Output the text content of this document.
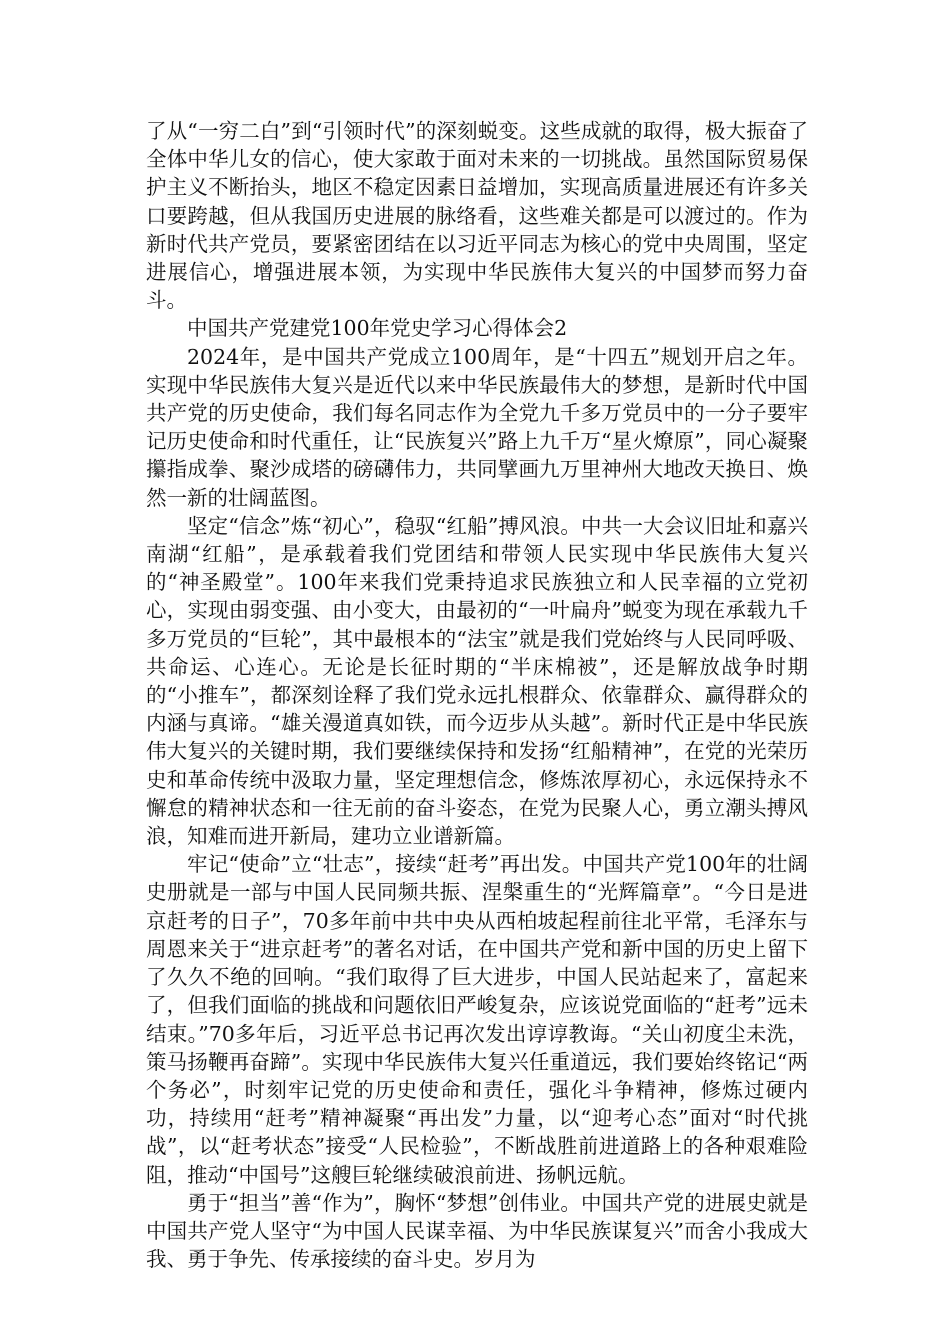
了从“一穷二白”到“引领时代”的深刻蜕变。这些成就的取得，极大振奋了全体中华儿女的信心，使大家敢于面对未来的一切挑战。虽然国际贸易保护主义不断抬头，地区不稳定因素日益增加，实现高质量进展还有许多关口要跨越，但从我国历史进展的脉络看，这些难关都是可以渡过的。作为新时代共产党员，要紧密团结在以习近平同志为核心的党中央周围，坚定进展信心，增强进展本领，为实现中华民族伟大复兴的中国梦而努力奋斗。

中国共产党建党100年党史学习心得体会2

2024年，是中国共产党成立100周年，是“十四五”规划开启之年。实现中华民族伟大复兴是近代以来中华民族最伟大的梦想，是新时代中国共产党的历史使命，我们每名同志作为全党九千多万党员中的一分子要牢记历史使命和时代重任，让“民族复兴”路上九千万“星火燎原”，同心凝聚攥指成拳、聚沙成塔的磅礴伟力，共同擘画九万里神州大地改天换日、焕然一新的壮阔蓝图。

坚定“信念”炼“初心”，稳驭“红船”搏风浪。中共一大会议旧址和嘉兴南湖“红船”，是承载着我们党团结和带领人民实现中华民族伟大复兴的“神圣殿堂”。100年来我们党秉持追求民族独立和人民幸福的立党初心，实现由弱变强、由小变大，由最初的“一叶扁舟”蜕变为现在承载九千多万党员的“巨轮”，其中最根本的“法宝”就是我们党始终与人民同呼吸、共命运、心连心。无论是长征时期的“半床棉被”，还是解放战争时期的“小推车”，都深刻诠释了我们党永远扎根群众、依靠群众、赢得群众的内涵与真谛。“雄关漫道真如铁，而今迈步从头越”。新时代正是中华民族伟大复兴的关键时期，我们要继续保持和发扬“红船精神”，在党的光荣历史和革命传统中汲取力量，坚定理想信念，修炼浓厚初心，永远保持永不懈怠的精神状态和一往无前的奋斗姿态，在党为民聚人心，勇立潮头搏风浪，知难而进开新局，建功立业谱新篇。

牢记“使命”立“壮志”，接续“赶考”再出发。中国共产党100年的壮阔史册就是一部与中国人民同频共振、涅槃重生的“光辉篇章”。“今日是进京赶考的日子”，70多年前中共中央从西柏坡起程前往北平常，毛泽东与周恩来关于“进京赶考”的著名对话，在中国共产党和新中国的历史上留下了久久不绝的回响。“我们取得了巨大进步，中国人民站起来了，富起来了，但我们面临的挑战和问题依旧严峻复杂，应该说党面临的“赶考”远未结束。”70多年后，习近平总书记再次发出谆谆教诲。“关山初度尘未洗，策马扬鞭再奋蹄”。实现中华民族伟大复兴任重道远，我们要始终铭记“两个务必”，时刻牢记党的历史使命和责任，强化斗争精神，修炼过硬内功，持续用“赶考”精神凝聚“再出发”力量，以“迎考心态”面对“时代挑战”，以“赶考状态”接受“人民检验”，不断战胜前进道路上的各种艰难险阻，推动“中国号”这艘巨轮继续破浪前进、扬帆远航。

勇于“担当”善“作为”，胸怀“梦想”创伟业。中国共产党的进展史就是中国共产党人坚守“为中国人民谋幸福、为中华民族谋复兴”而舍小我成大我、勇于争先、传承接续的奋斗史。岁月为
